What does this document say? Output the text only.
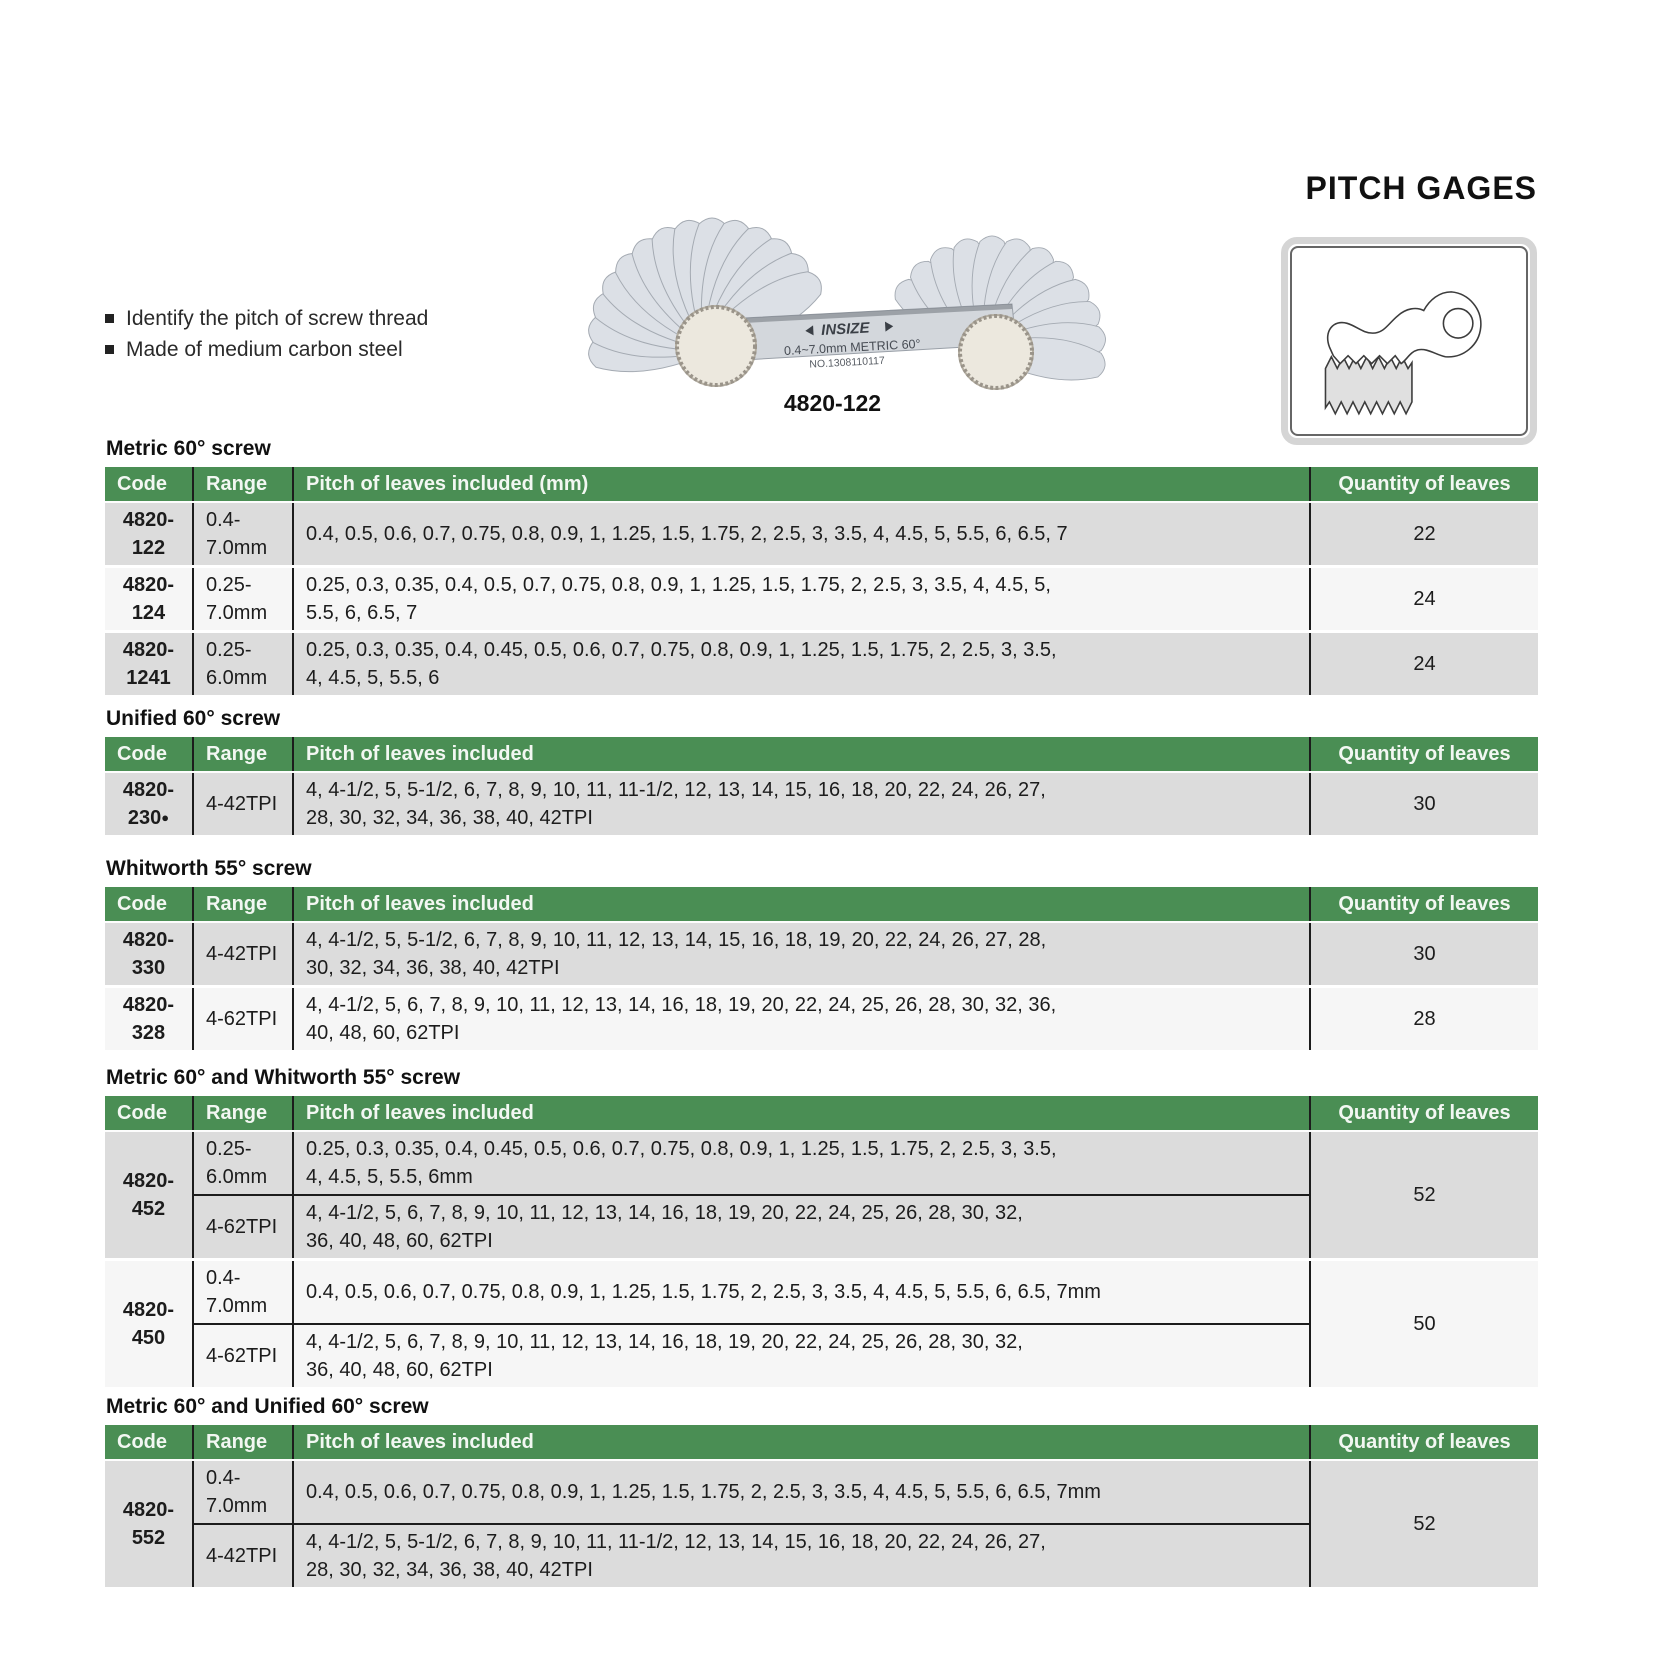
Identify the pitch of screw thread
Made of medium carbon steel
PITCH GAGES
INSIZE
0.4~7.0mm METRIC 60°
NO.1308110117
4820-122
Metric 60° screw
Code	Range	Pitch of leaves included (mm)	Quantity of leaves
4820-122	0.4-7.0mm	0.4, 0.5, 0.6, 0.7, 0.75, 0.8, 0.9, 1, 1.25, 1.5, 1.75, 2, 2.5, 3, 3.5, 4, 4.5, 5, 5.5, 6, 6.5, 7	22
4820-124	0.25-7.0mm	0.25, 0.3, 0.35, 0.4, 0.5, 0.7, 0.75, 0.8, 0.9, 1, 1.25, 1.5, 1.75, 2, 2.5, 3, 3.5, 4, 4.5, 5,
5.5, 6, 6.5, 7	24
4820-1241	0.25-6.0mm	0.25, 0.3, 0.35, 0.4, 0.45, 0.5, 0.6, 0.7, 0.75, 0.8, 0.9, 1, 1.25, 1.5, 1.75, 2, 2.5, 3, 3.5,
4, 4.5, 5, 5.5, 6	24
Unified 60° screw
Code	Range	Pitch of leaves included	Quantity of leaves
4820-230●	4-42TPI	4, 4-1/2, 5, 5-1/2, 6, 7, 8, 9, 10, 11, 11-1/2, 12, 13, 14, 15, 16, 18, 20, 22, 24, 26, 27,
28, 30, 32, 34, 36, 38, 40, 42TPI	30
Whitworth 55° screw
Code	Range	Pitch of leaves included	Quantity of leaves
4820-330	4-42TPI	4, 4-1/2, 5, 5-1/2, 6, 7, 8, 9, 10, 11, 12, 13, 14, 15, 16, 18, 19, 20, 22, 24, 26, 27, 28,
30, 32, 34, 36, 38, 40, 42TPI	30
4820-328	4-62TPI	4, 4-1/2, 5, 6, 7, 8, 9, 10, 11, 12, 13, 14, 16, 18, 19, 20, 22, 24, 25, 26, 28, 30, 32, 36,
40, 48, 60, 62TPI	28
Metric 60° and Whitworth 55° screw
Code	Range	Pitch of leaves included	Quantity of leaves
4820-452	0.25-6.0mm	0.25, 0.3, 0.35, 0.4, 0.45, 0.5, 0.6, 0.7, 0.75, 0.8, 0.9, 1, 1.25, 1.5, 1.75, 2, 2.5, 3, 3.5,
4, 4.5, 5, 5.5, 6mm	52
	4-62TPI	4, 4-1/2, 5, 6, 7, 8, 9, 10, 11, 12, 13, 14, 16, 18, 19, 20, 22, 24, 25, 26, 28, 30, 32,
36, 40, 48, 60, 62TPI	
4820-450	0.4-7.0mm	0.4, 0.5, 0.6, 0.7, 0.75, 0.8, 0.9, 1, 1.25, 1.5, 1.75, 2, 2.5, 3, 3.5, 4, 4.5, 5, 5.5, 6, 6.5, 7mm	50
	4-62TPI	4, 4-1/2, 5, 6, 7, 8, 9, 10, 11, 12, 13, 14, 16, 18, 19, 20, 22, 24, 25, 26, 28, 30, 32,
36, 40, 48, 60, 62TPI	
Metric 60° and Unified 60° screw
Code	Range	Pitch of leaves included	Quantity of leaves
4820-552	0.4-7.0mm	0.4, 0.5, 0.6, 0.7, 0.75, 0.8, 0.9, 1, 1.25, 1.5, 1.75, 2, 2.5, 3, 3.5, 4, 4.5, 5, 5.5, 6, 6.5, 7mm	52
	4-42TPI	4, 4-1/2, 5, 5-1/2, 6, 7, 8, 9, 10, 11, 11-1/2, 12, 13, 14, 15, 16, 18, 20, 22, 24, 26, 27,
28, 30, 32, 34, 36, 38, 40, 42TPI	
